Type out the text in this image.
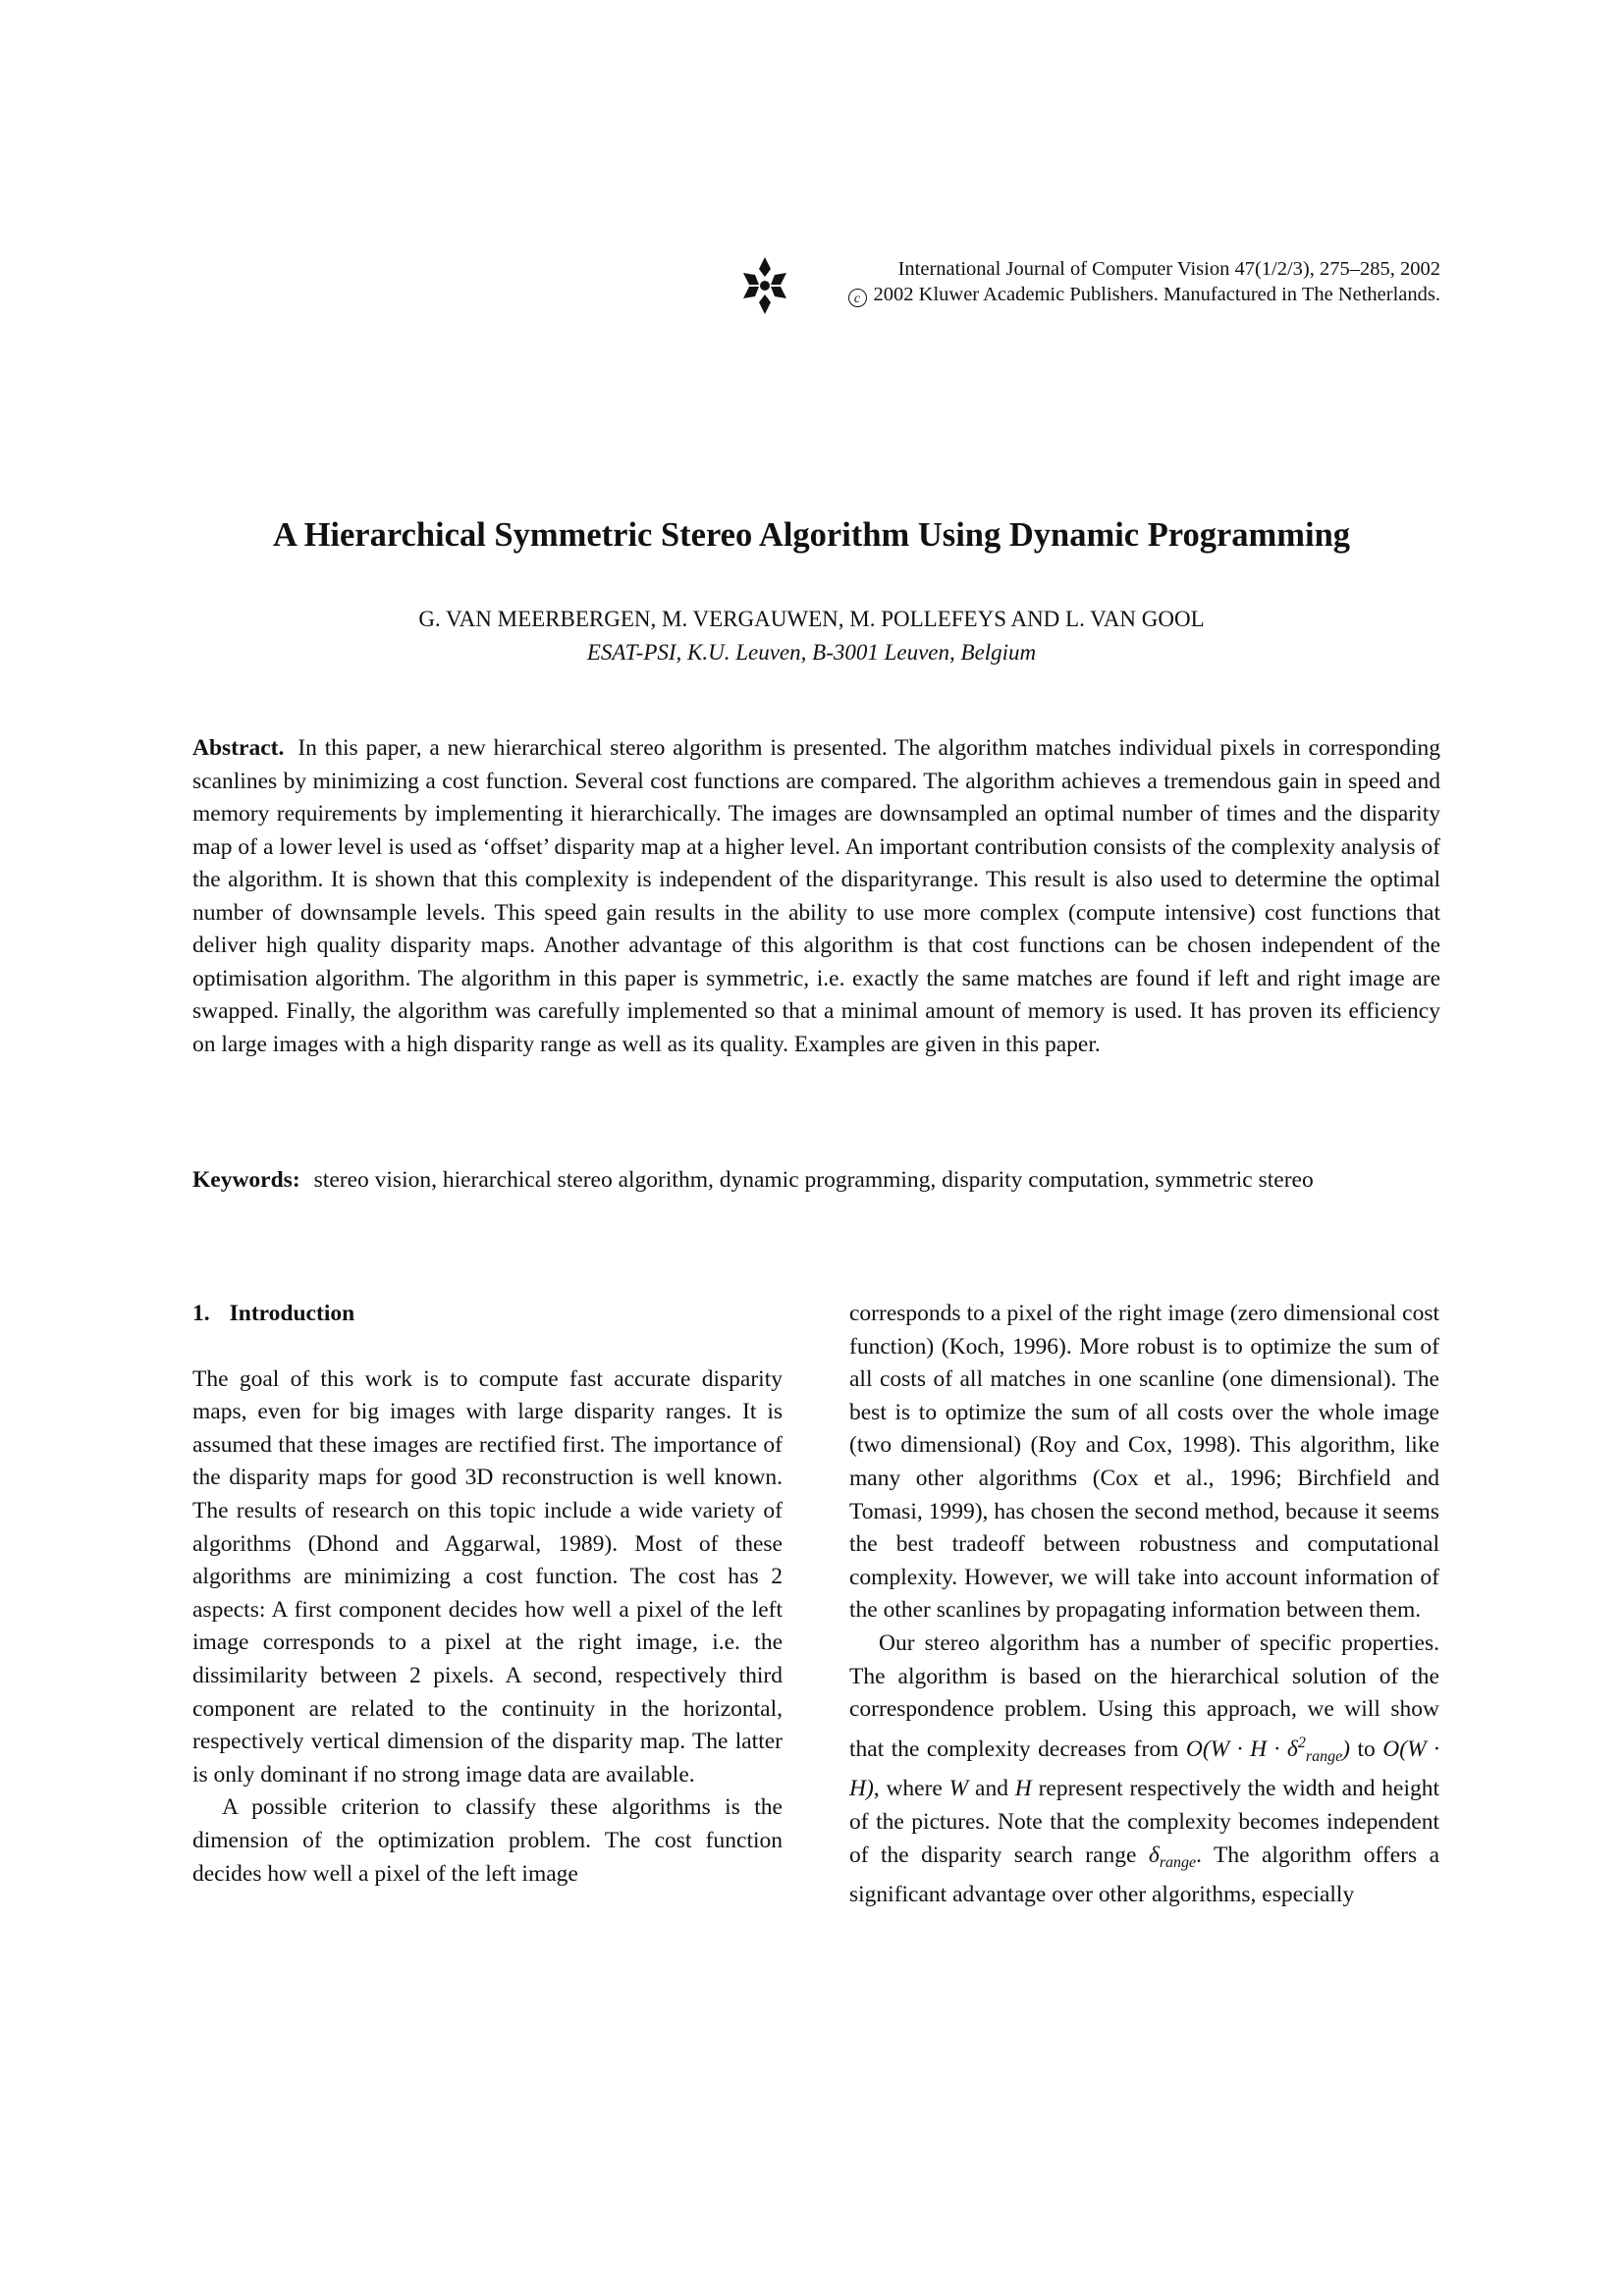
International Journal of Computer Vision 47(1/2/3), 275–285, 2002
c 2002 Kluwer Academic Publishers. Manufactured in The Netherlands.
A Hierarchical Symmetric Stereo Algorithm Using Dynamic Programming
G. VAN MEERBERGEN, M. VERGAUWEN, M. POLLEFEYS AND L. VAN GOOL
ESAT-PSI, K.U. Leuven, B-3001 Leuven, Belgium

Abstract. In this paper, a new hierarchical stereo algorithm is presented. The algorithm matches individual pixels in corresponding scanlines by minimizing a cost function. Several cost functions are compared. The algorithm achieves a tremendous gain in speed and memory requirements by implementing it hierarchically. The images are downsampled an optimal number of times and the disparity map of a lower level is used as ‘offset’ disparity map at a higher level. An important contribution consists of the complexity analysis of the algorithm. It is shown that this complexity is independent of the disparityrange. This result is also used to determine the optimal number of downsample levels. This speed gain results in the ability to use more complex (compute intensive) cost functions that deliver high quality disparity maps. Another advantage of this algorithm is that cost functions can be chosen independent of the optimisation algorithm. The algorithm in this paper is symmetric, i.e. exactly the same matches are found if left and right image are swapped. Finally, the algorithm was carefully implemented so that a minimal amount of memory is used. It has proven its efficiency on large images with a high disparity range as well as its quality. Examples are given in this paper.

Keywords: stereo vision, hierarchical stereo algorithm, dynamic programming, disparity computation, symmetric stereo

1. Introduction

The goal of this work is to compute fast accurate disparity maps, even for big images with large disparity ranges. It is assumed that these images are rectified first. The importance of the disparity maps for good 3D reconstruction is well known. The results of research on this topic include a wide variety of algorithms (Dhond and Aggarwal, 1989). Most of these algorithms are minimizing a cost function. The cost has 2 aspects: A first component decides how well a pixel of the left image corresponds to a pixel at the right image, i.e. the dissimilarity between 2 pixels. A second, respectively third component are related to the continuity in the horizontal, respectively vertical dimension of the disparity map. The latter is only dominant if no strong image data are available.

A possible criterion to classify these algorithms is the dimension of the optimization problem. The cost function decides how well a pixel of the left image

corresponds to a pixel of the right image (zero dimensional cost function) (Koch, 1996). More robust is to optimize the sum of all costs of all matches in one scanline (one dimensional). The best is to optimize the sum of all costs over the whole image (two dimensional) (Roy and Cox, 1998). This algorithm, like many other algorithms (Cox et al., 1996; Birchfield and Tomasi, 1999), has chosen the second method, because it seems the best tradeoff between robustness and computational complexity. However, we will take into account information of the other scanlines by propagating information between them.

Our stereo algorithm has a number of specific properties. The algorithm is based on the hierarchical solution of the correspondence problem. Using this approach, we will show that the complexity decreases from $O(W \cdot H \cdot \delta^2_{range})$ to O(W · H), where W and H represent respectively the width and height of the pictures. Note that the complexity becomes independent of the disparity search range $\delta_{range}$. The algorithm offers a significant advantage over other algorithms, especially
